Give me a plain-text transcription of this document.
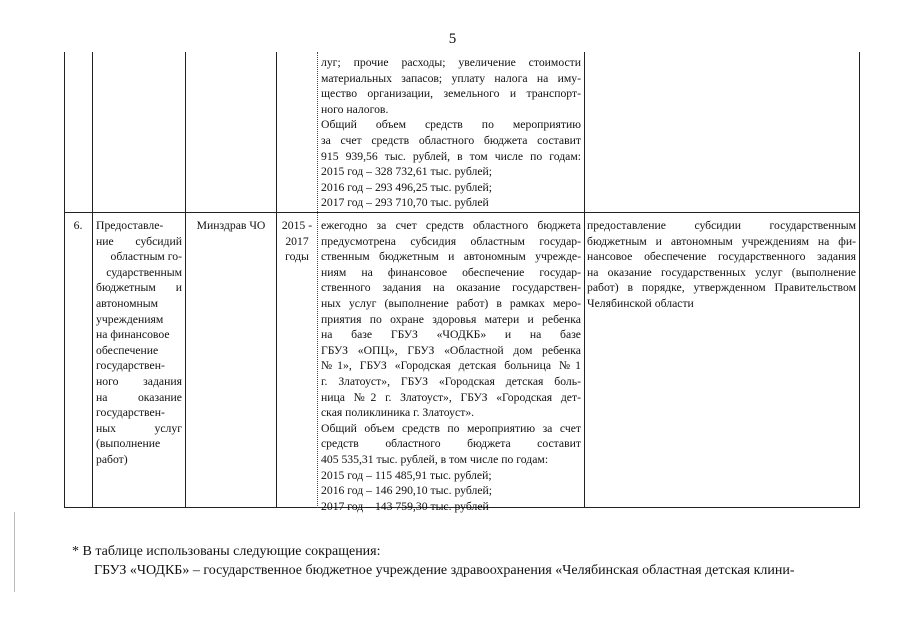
5
луг; прочие расходы; увеличение стоимости
материальных запасов; уплату налога на иму-
щество организации, земельного и транспорт-
ного налогов.
Общий объем средств по мероприятию
за счет средств областного бюджета составит
915 939,56 тыс. рублей, в том числе по годам:
2015 год – 328 732,61 тыс. рублей;
2016 год – 293 496,25 тыс. рублей;
2017 год – 293 710,70 тыс. рублей
6.	Предоставле-
ние субсидий
областным го-
сударственным
бюджетным и
автономным
учреждениям
на финансовое
обеспечение
государствен-
ного задания
на оказание
государствен-
ных услуг
(выполнение
работ)
Минздрав ЧО	2015 -
2017
годы
ежегодно за счет средств областного бюджета
предусмотрена субсидия областным государ-
ственным бюджетным и автономным учрежде-
ниям на финансовое обеспечение государ-
ственного задания на оказание государствен-
ных услуг (выполнение работ) в рамках меро-
приятия по охране здоровья матери и ребенка
на базе ГБУЗ «ЧОДКБ» и на базе
ГБУЗ «ОПЦ», ГБУЗ «Областной дом ребенка
№1», ГБУЗ «Городская детская больница №1
г. Златоуст», ГБУЗ «Городская детская боль-
ница №2 г. Златоуст», ГБУЗ «Городская дет-
ская поликлиника г. Златоуст».
Общий объем средств по мероприятию за счет
средств областного бюджета составит
405 535,31 тыс. рублей, в том числе по годам:
2015 год – 115 485,91 тыс. рублей;
2016 год – 146 290,10 тыс. рублей;
2017 год – 143 759,30 тыс. рублей
предоставление субсидии государственным
бюджетным и автономным учреждениям на фи-
нансовое обеспечение государственного задания
на оказание государственных услуг (выполнение
работ) в порядке, утвержденном Правительством
Челябинской области
* В таблице использованы следующие сокращения:
ГБУЗ «ЧОДКБ» – государственное бюджетное учреждение здравоохранения «Челябинская областная детская клини-
